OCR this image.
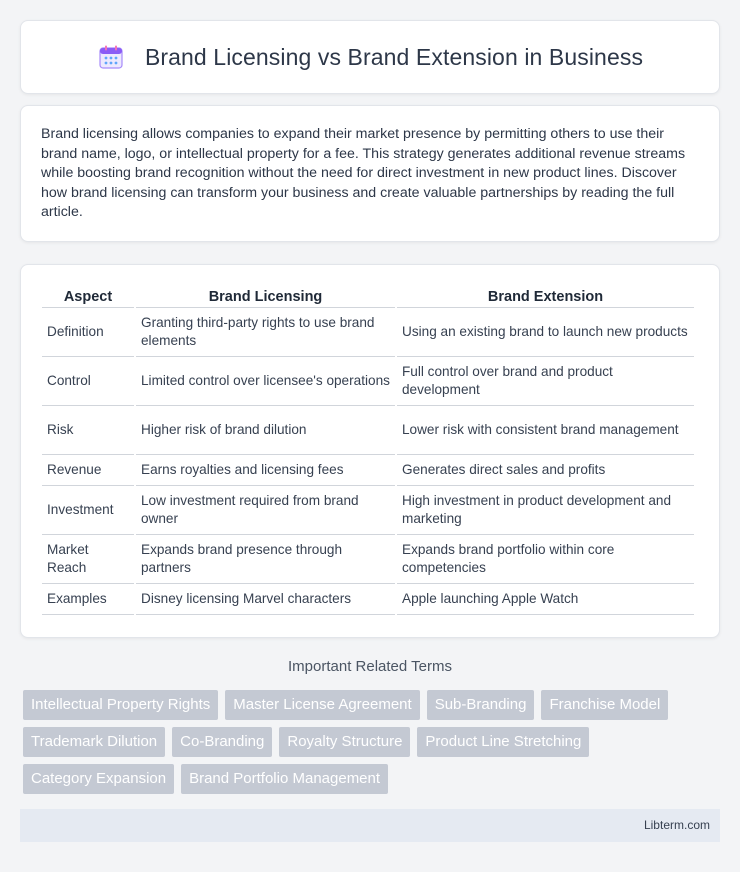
Brand Licensing vs Brand Extension in Business

Brand licensing allows companies to expand their market presence by permitting others to use their brand name, logo, or intellectual property for a fee. This strategy generates additional revenue streams while boosting brand recognition without the need for direct investment in new product lines. Discover how brand licensing can transform your business and create valuable partnerships by reading the full article.

Aspect	Brand Licensing	Brand Extension
Definition	Granting third-party rights to use brand elements	Using an existing brand to launch new products
Control	Limited control over licensee's operations	Full control over brand and product development
Risk	Higher risk of brand dilution	Lower risk with consistent brand management
Revenue	Earns royalties and licensing fees	Generates direct sales and profits
Investment	Low investment required from brand owner	High investment in product development and marketing
Market Reach	Expands brand presence through partners	Expands brand portfolio within core competencies
Examples	Disney licensing Marvel characters	Apple launching Apple Watch
Important Related Terms
Intellectual Property Rights	Master License Agreement	Sub-Branding	Franchise Model
Trademark Dilution	Co-Branding	Royalty Structure	Product Line Stretching
Category Expansion	Brand Portfolio Management
Libterm.com
